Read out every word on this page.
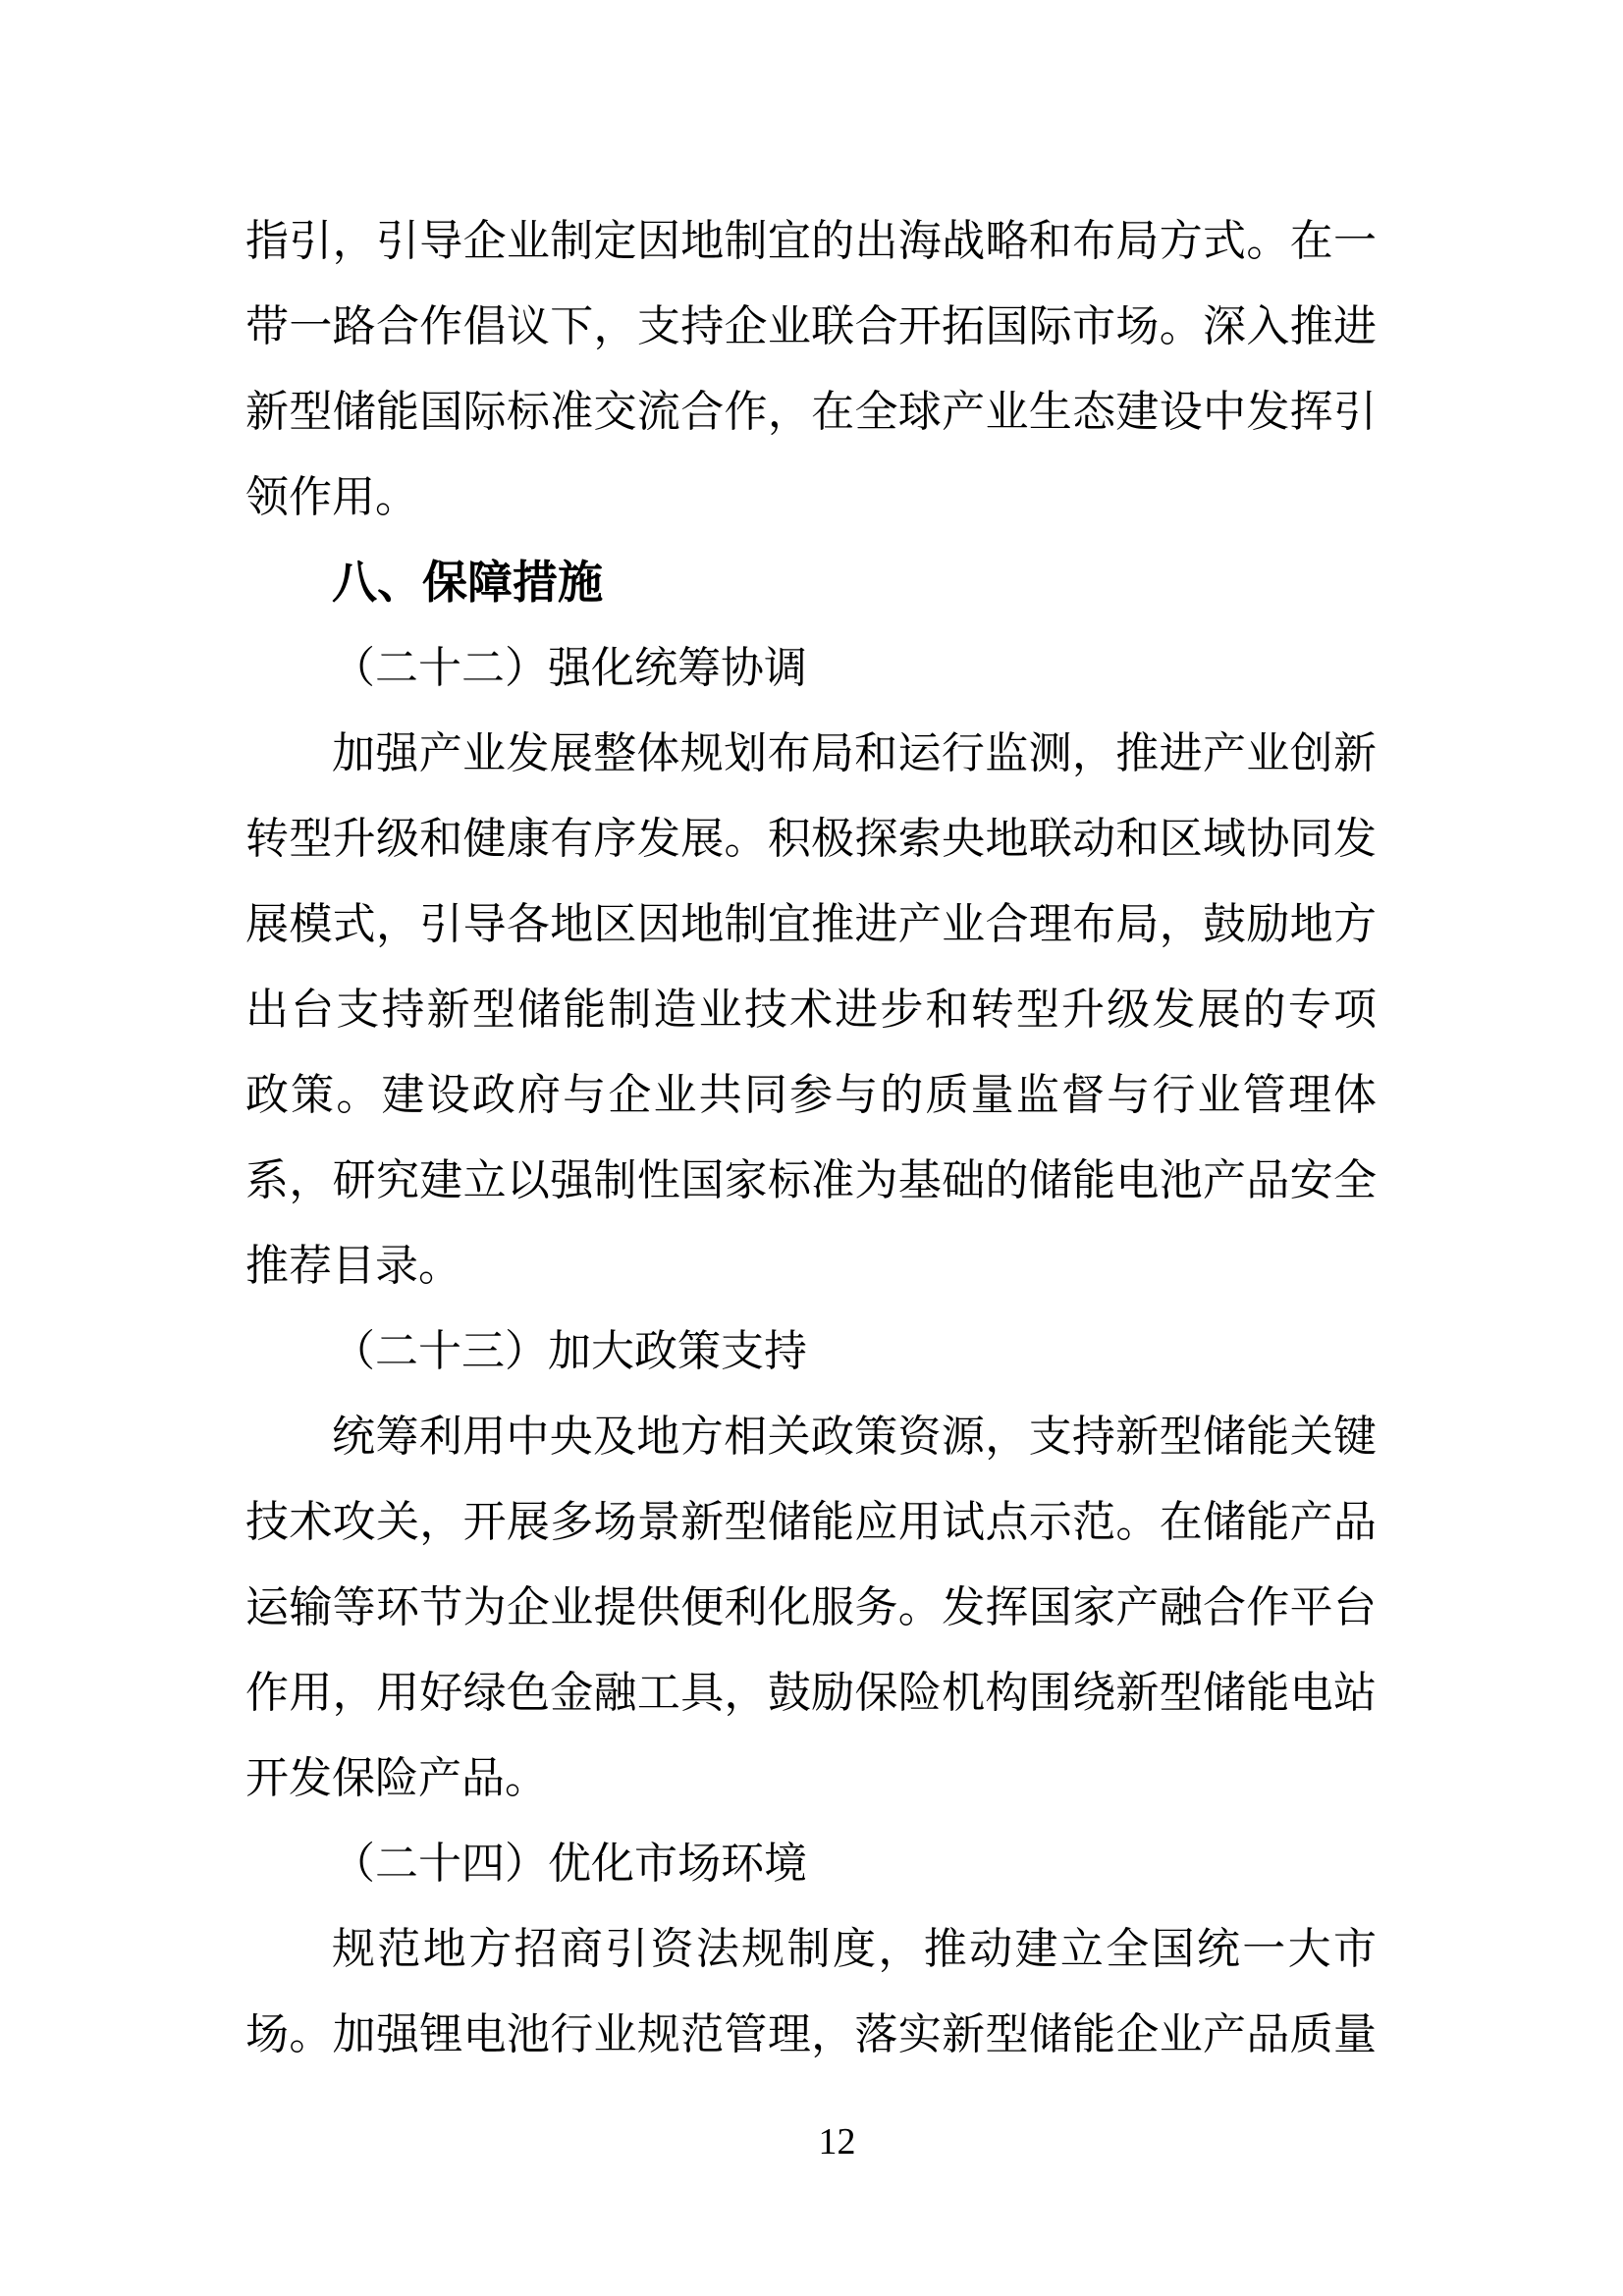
指引，引导企业制定因地制宜的出海战略和布局方式。在一
带一路合作倡议下，支持企业联合开拓国际市场。深入推进
新型储能国际标准交流合作，在全球产业生态建设中发挥引
领作用。
八、保障措施
（二十二）强化统筹协调
加强产业发展整体规划布局和运行监测，推进产业创新
转型升级和健康有序发展。积极探索央地联动和区域协同发
展模式，引导各地区因地制宜推进产业合理布局，鼓励地方
出台支持新型储能制造业技术进步和转型升级发展的专项
政策。建设政府与企业共同参与的质量监督与行业管理体
系，研究建立以强制性国家标准为基础的储能电池产品安全
推荐目录。
（二十三）加大政策支持
统筹利用中央及地方相关政策资源，支持新型储能关键
技术攻关，开展多场景新型储能应用试点示范。在储能产品
运输等环节为企业提供便利化服务。发挥国家产融合作平台
作用，用好绿色金融工具，鼓励保险机构围绕新型储能电站
开发保险产品。
（二十四）优化市场环境
规范地方招商引资法规制度，推动建立全国统一大市
场。加强锂电池行业规范管理，落实新型储能企业产品质量
12
